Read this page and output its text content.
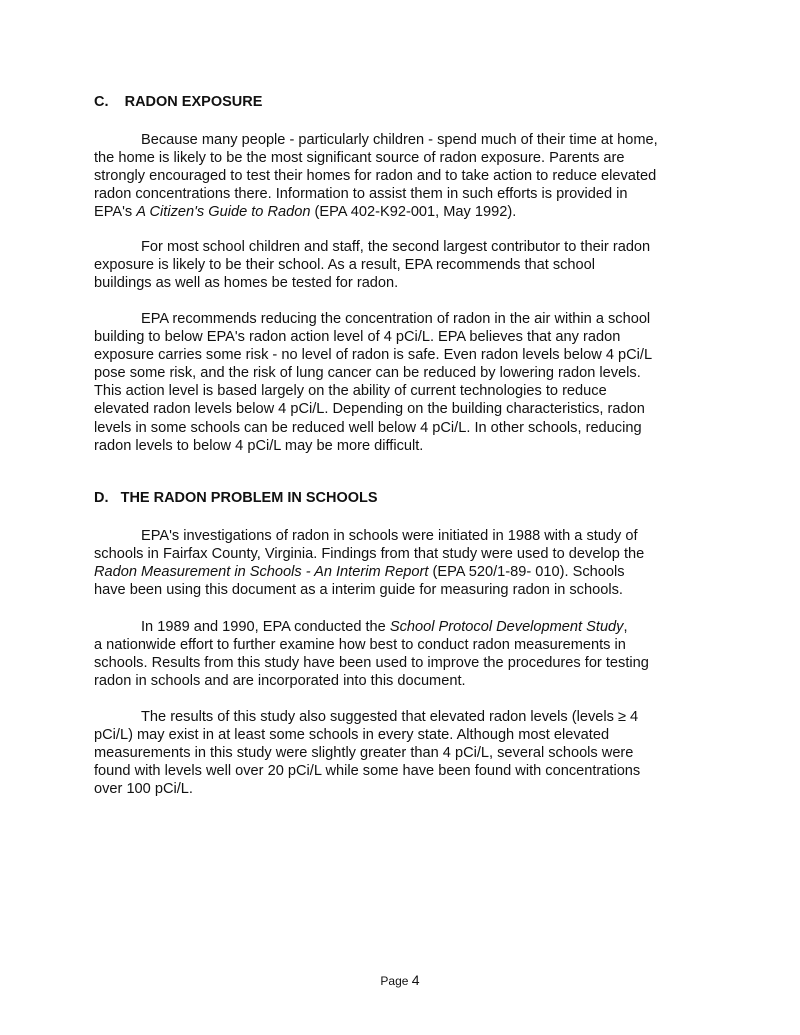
C.    RADON EXPOSURE
Because many people - particularly children - spend much of their time at home,
the home is likely to be the most significant source of radon exposure. Parents are
strongly encouraged to test their homes for radon and to take action to reduce elevated
radon concentrations there. Information to assist them in such efforts is provided in
EPA's A Citizen's Guide to Radon (EPA 402-K92-001, May 1992).
For most school children and staff, the second largest contributor to their radon
exposure is likely to be their school. As a result, EPA recommends that school
buildings as well as homes be tested for radon.
EPA recommends reducing the concentration of radon in the air within a school
building to below EPA's radon action level of 4 pCi/L. EPA believes that any radon
exposure carries some risk - no level of radon is safe. Even radon levels below 4 pCi/L
pose some risk, and the risk of lung cancer can be reduced by lowering radon levels.
This action level is based largely on the ability of current technologies to reduce
elevated radon levels below 4 pCi/L. Depending on the building characteristics, radon
levels in some schools can be reduced well below 4 pCi/L. In other schools, reducing
radon levels to below 4 pCi/L may be more difficult.
D.   THE RADON PROBLEM IN SCHOOLS
EPA's investigations of radon in schools were initiated in 1988 with a study of
schools in Fairfax County, Virginia. Findings from that study were used to develop the
Radon Measurement in Schools - An Interim Report (EPA 520/1-89- 010). Schools
have been using this document as a interim guide for measuring radon in schools.
In 1989 and 1990, EPA conducted the School Protocol Development Study,
a nationwide effort to further examine how best to conduct radon measurements in
schools. Results from this study have been used to improve the procedures for testing
radon in schools and are incorporated into this document.
The results of this study also suggested that elevated radon levels (levels ≥ 4
pCi/L) may exist in at least some schools in every state. Although most elevated
measurements in this study were slightly greater than 4 pCi/L, several schools were
found with levels well over 20 pCi/L while some have been found with concentrations
over 100 pCi/L.
Page 4
